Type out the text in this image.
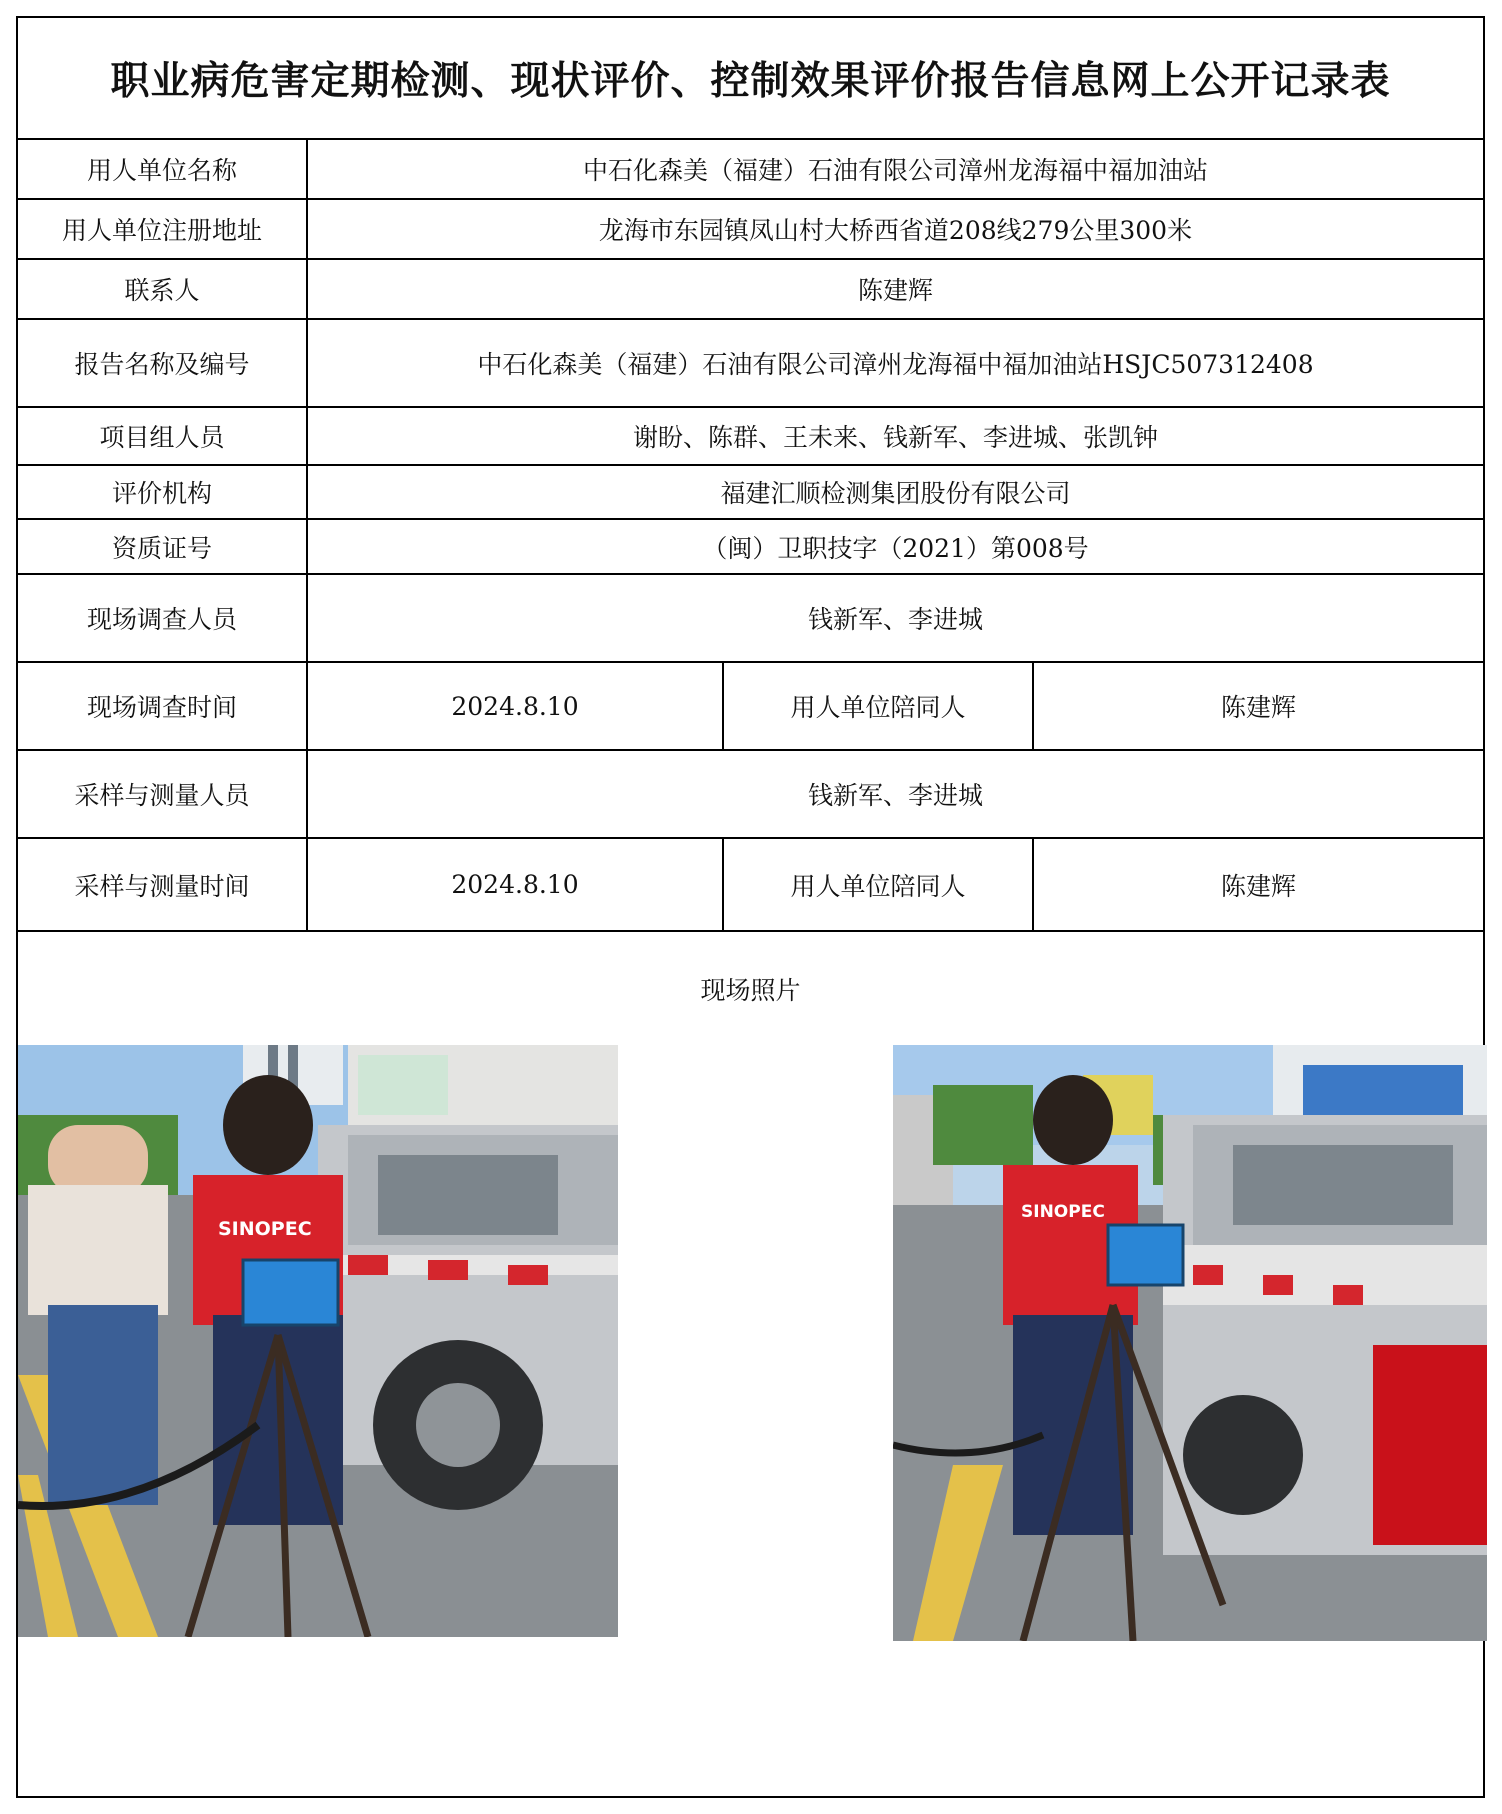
职业病危害定期检测、现状评价、控制效果评价报告信息网上公开记录表
用人单位名称	中石化森美（福建）石油有限公司漳州龙海福中福加油站
用人单位注册地址	龙海市东园镇凤山村大桥西省道208线279公里300米
联系人	陈建辉
报告名称及编号	中石化森美（福建）石油有限公司漳州龙海福中福加油站HSJC507312408
项目组人员	谢盼、陈群、王未来、钱新军、李进城、张凯钟
评价机构	福建汇顺检测集团股份有限公司
资质证号	（闽）卫职技字（2021）第008号
现场调查人员	钱新军、李进城
现场调查时间	2024.8.10	用人单位陪同人	陈建辉
采样与测量人员	钱新军、李进城
采样与测量时间	2024.8.10	用人单位陪同人	陈建辉
现场照片
SINOPEC
SINOPEC
